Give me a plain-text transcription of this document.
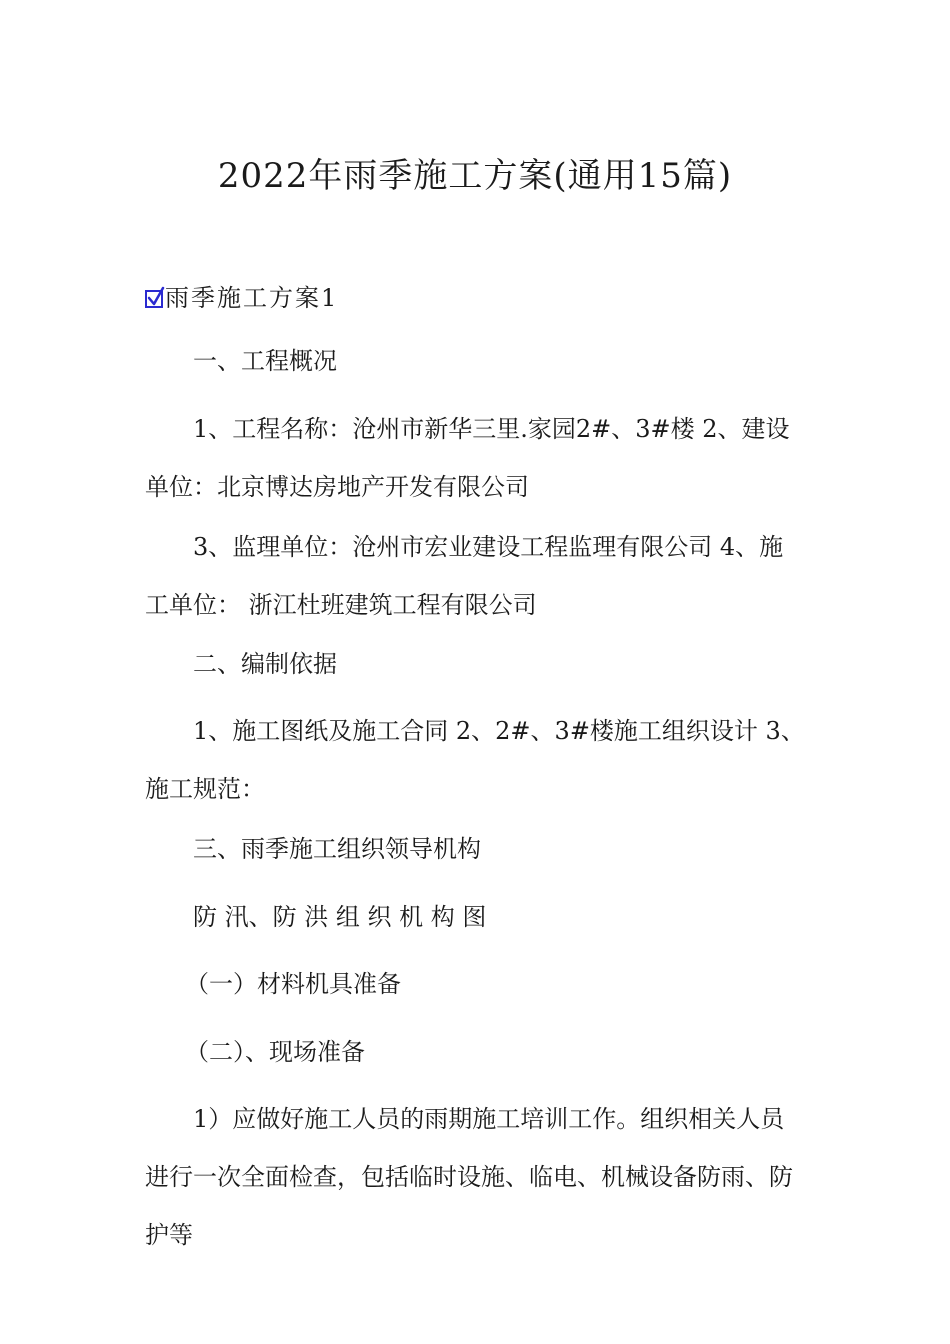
2022年雨季施工方案(通用15篇)
雨季施工方案1
一、工程概况
1、工程名称：沧州市新华三里.家园2#、3#楼 2、建设单位：北京博达房地产开发有限公司
3、监理单位：沧州市宏业建设工程监理有限公司 4、施工单位： 浙江杜班建筑工程有限公司
二、编制依据
1、施工图纸及施工合同 2、2#、3#楼施工组织设计 3、施工规范：
三、雨季施工组织领导机构
防 汛、防 洪 组 织 机 构 图
（一）材料机具准备
（二）、现场准备
1）应做好施工人员的雨期施工培训工作。组织相关人员进行一次全面检查，包括临时设施、临电、机械设备防雨、防护等
